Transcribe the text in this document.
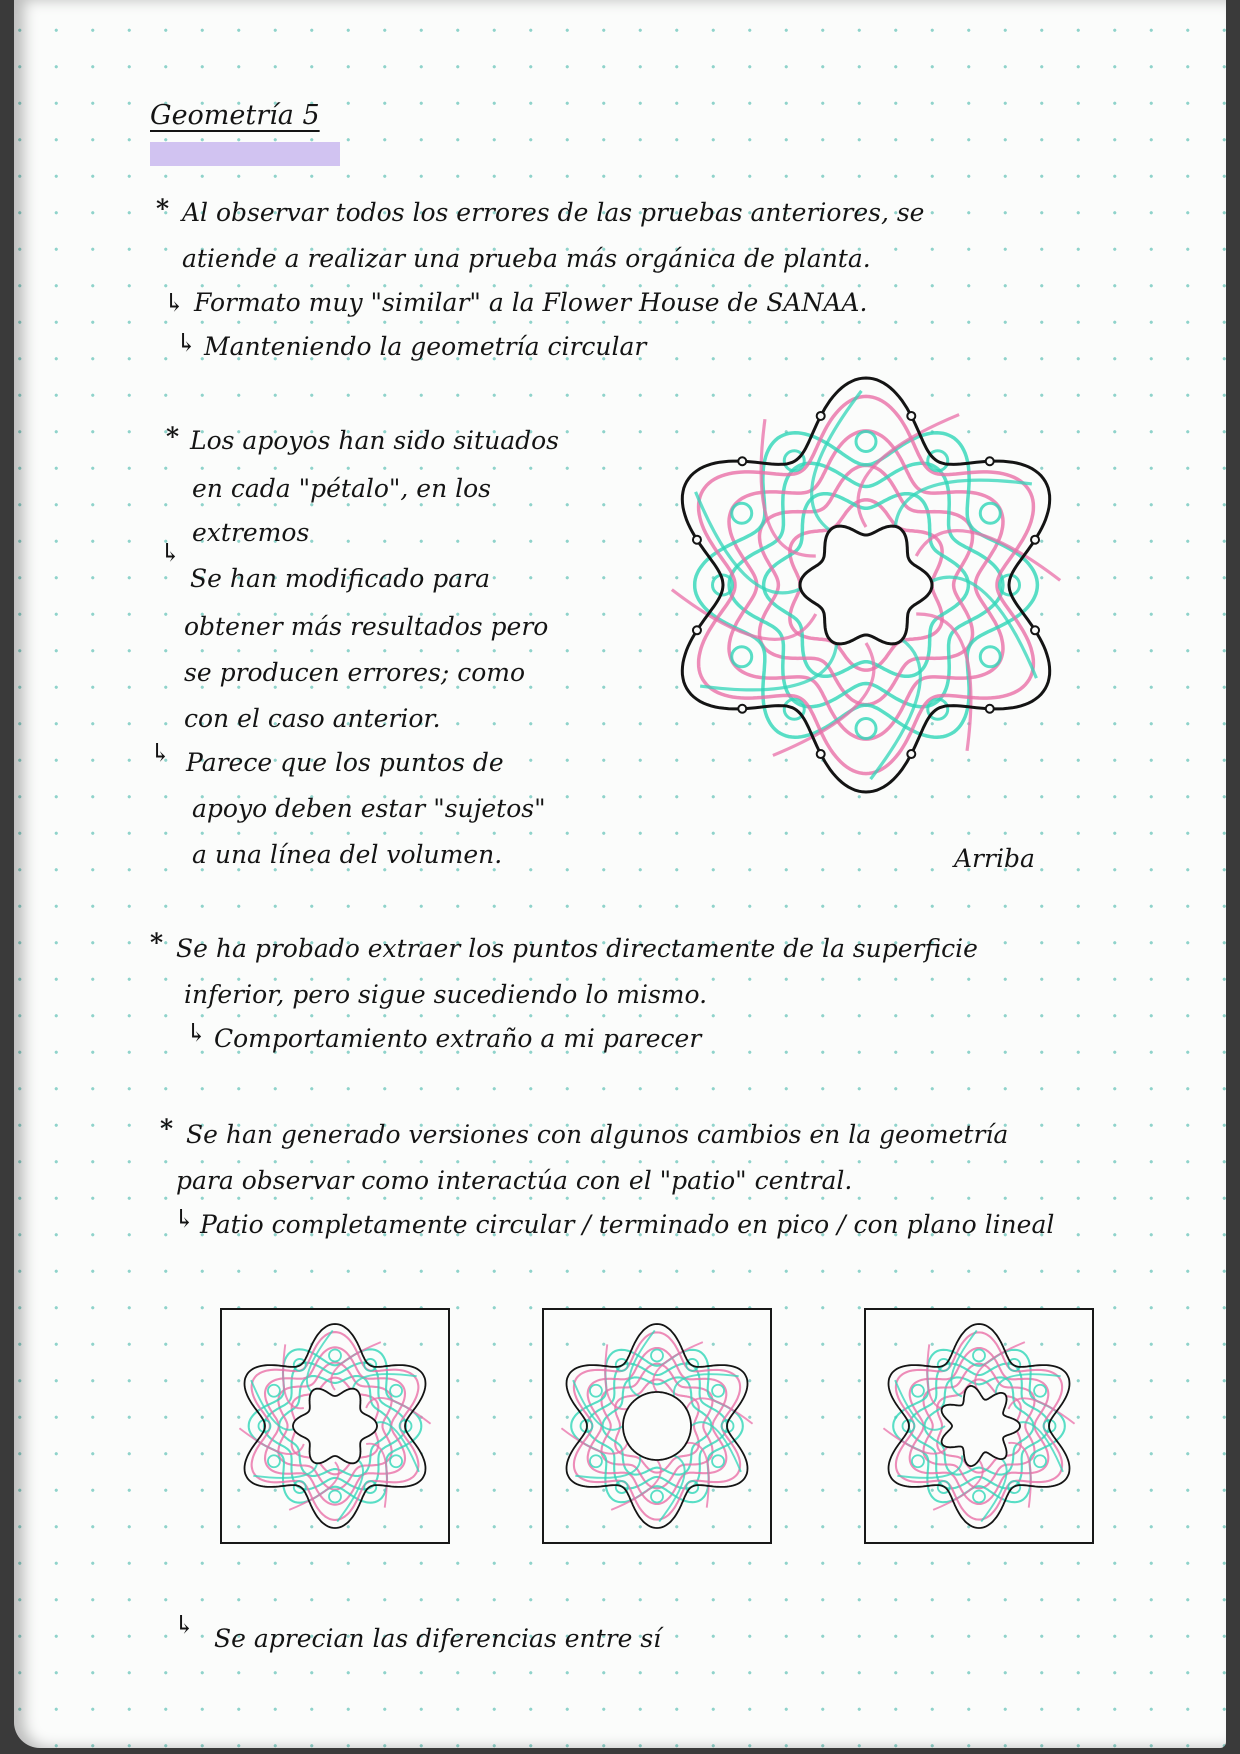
Geometría 5

* Al observar todos los errores de las pruebas anteriores, se

atiende a realizar una prueba más orgánica de planta.

↳ Formato muy "similar" a la Flower House de SANAA.

↳ Manteniendo la geometría circular

* Los apoyos han sido situados

en cada "pétalo", en los

extremos

↳

Se han modificado para

obtener más resultados pero

se producen errores; como

con el caso anterior.

↳ Parece que los puntos de

apoyo deben estar "sujetos"

a una línea del volumen.	Arriba

* Se ha probado extraer los puntos directamente de la superficie

inferior, pero sigue sucediendo lo mismo.

↳ Comportamiento extraño a mi parecer

* Se han generado versiones con algunos cambios en la geometría

para observar como interactúa con el "patio" central.

↳ Patio completamente circular / terminado en pico / con plano lineal

↳ Se aprecian las diferencias entre sí
